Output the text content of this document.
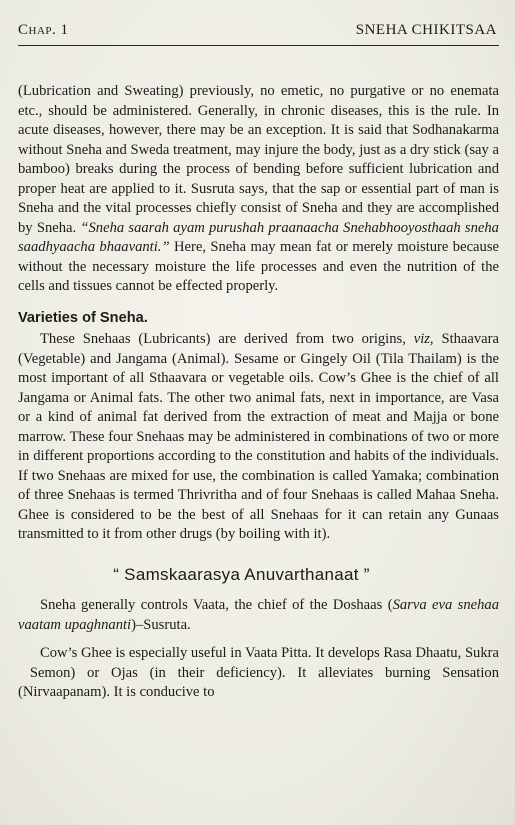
Chap. 1	SNEHA CHIKITSAA

(Lubrication and Sweating) previously, no emetic, no purgative or no enemata etc., should be administered. Generally, in chronic diseases, this is the rule. In acute diseases, however, there may be an exception. It is said that Sodhanakarma without Sneha and Sweda treatment, may injure the body, just as a dry stick (say a bamboo) breaks during the process of bending before sufficient lubrication and proper heat are applied to it. Susruta says, that the sap or essential part of man is Sneha and the vital processes chiefly consist of Sneha and they are accomplished by Sneha. “Sneha saarah ayam purushah praanaacha Snehabhooyosthaah sneha saadhyaacha bhaavanti.” Here, Sneha may mean fat or merely moisture because without the necessary moisture the life processes and even the nutrition of the cells and tissues cannot be effected properly.

Varieties of Sneha.

These Snehaas (Lubricants) are derived from two origins, viz, Sthaavara (Vegetable) and Jangama (Animal). Sesame or Gingely Oil (Tila Thailam) is the most important of all Sthaavara or vegetable oils. Cow’s Ghee is the chief of all Jangama or Animal fats. The other two animal fats, next in importance, are Vasa or a kind of animal fat derived from the extraction of meat and Majja or bone marrow. These four Snehaas may be administered in combinations of two or more in different proportions according to the constitution and habits of the individuals. If two Snehaas are mixed for use, the combination is called Yamaka; combination of three Snehaas is termed Thrivritha and of four Snehaas is called Mahaa Sneha. Ghee is considered to be the best of all Snehaas for it can retain any Gunaas transmitted to it from other drugs (by boiling with it).

“ Samskaarasya Anuvarthanaat ”

Sneha generally controls Vaata, the chief of the Doshaas (Sarva eva snehaa vaatam upaghnanti)–Susruta.

Cow’s Ghee is especially useful in Vaata Pitta. It develops Rasa Dhaatu, Sukra  Semon) or Ojas (in their deficiency). It alleviates burning Sensation (Nirvaapanam). It is conducive to
